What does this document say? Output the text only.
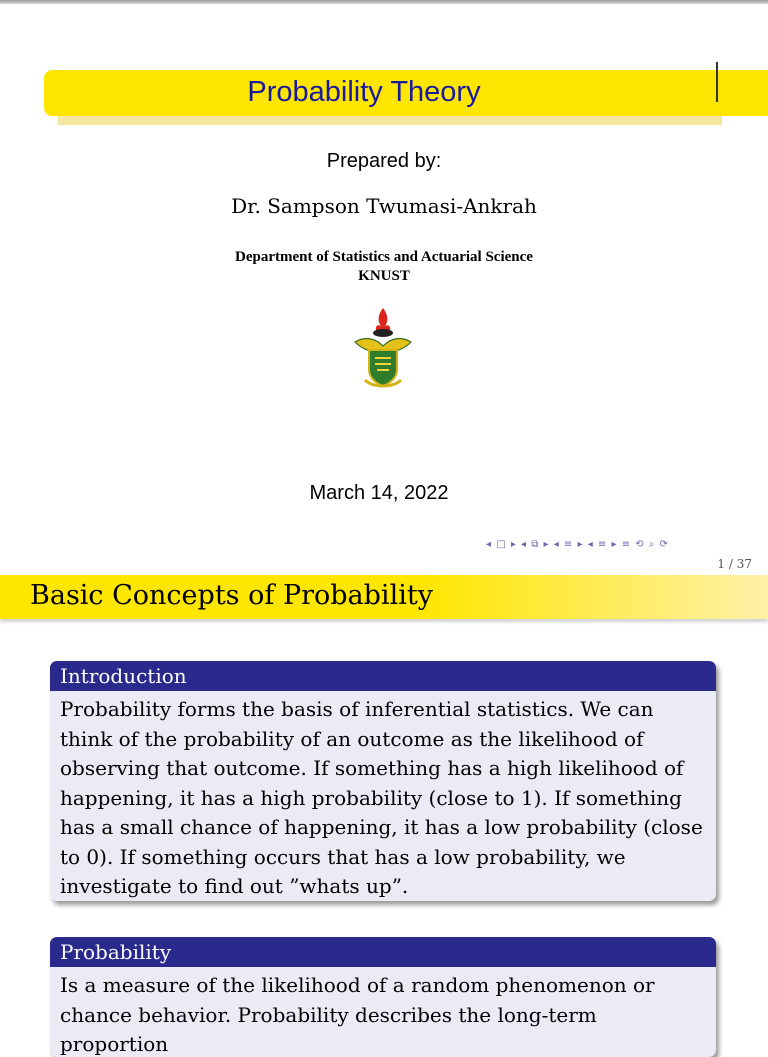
Probability Theory
Prepared by:
Dr. Sampson Twumasi-Ankrah
Department of Statistics and Actuarial Science
KNUST
March 14, 2022
◂ □ ▸ ◂ ⧉ ▸ ◂ ≡ ▸ ◂ ≡ ▸ ≡ ⟲ ⌕ ⟳
1 / 37
Basic Concepts of Probability
Introduction
Probability forms the basis of inferential statistics. We can think of the probability of an outcome as the likelihood of observing that outcome. If something has a high likelihood of happening, it has a high probability (close to 1). If something has a small chance of happening, it has a low probability (close to 0). If something occurs that has a low probability, we investigate to find out ”whats up”.
Probability
Is a measure of the likelihood of a random phenomenon or chance behavior. Probability describes the long-term proportion
